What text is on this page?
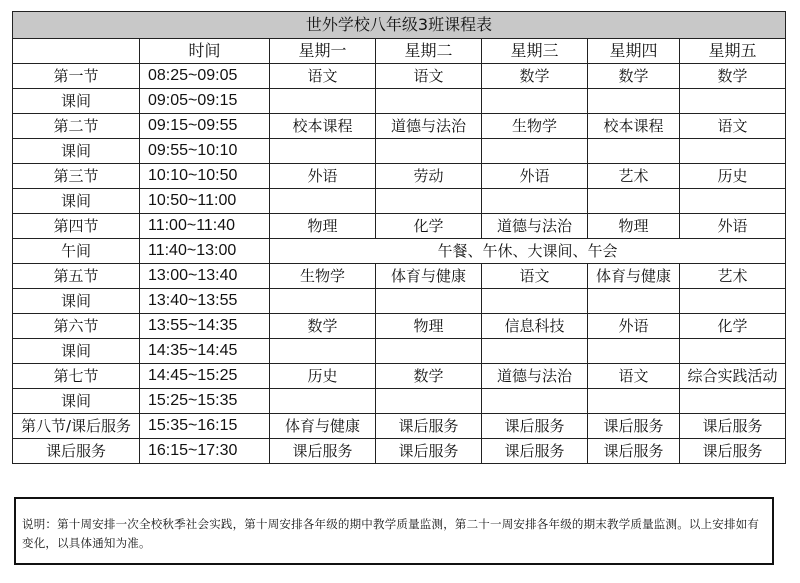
世外学校八年级3班课程表						
	时间	星期一	星期二	星期三	星期四	星期五
第一节	08:25~09:05	语文	语文	数学	数学	数学
课间	09:05~09:15					
第二节	09:15~09:55	校本课程	道德与法治	生物学	校本课程	语文
课间	09:55~10:10					
第三节	10:10~10:50	外语	劳动	外语	艺术	历史
课间	10:50~11:00					
第四节	11:00~11:40	物理	化学	道德与法治	物理	外语
午间	11:40~13:00	午餐、午休、大课间、午会				
第五节	13:00~13:40	生物学	体育与健康	语文	体育与健康	艺术
课间	13:40~13:55					
第六节	13:55~14:35	数学	物理	信息科技	外语	化学
课间	14:35~14:45					
第七节	14:45~15:25	历史	数学	道德与法治	语文	综合实践活动
课间	15:25~15:35					
第八节/课后服务	15:35~16:15	体育与健康	课后服务	课后服务	课后服务	课后服务
课后服务	16:15~17:30	课后服务	课后服务	课后服务	课后服务	课后服务
说明：第十周安排一次全校秋季社会实践，第十周安排各年级的期中教学质量监测，第二十一周安排各年级的期末教学质量监测。以上安排如有变化，以具体通知为准。
